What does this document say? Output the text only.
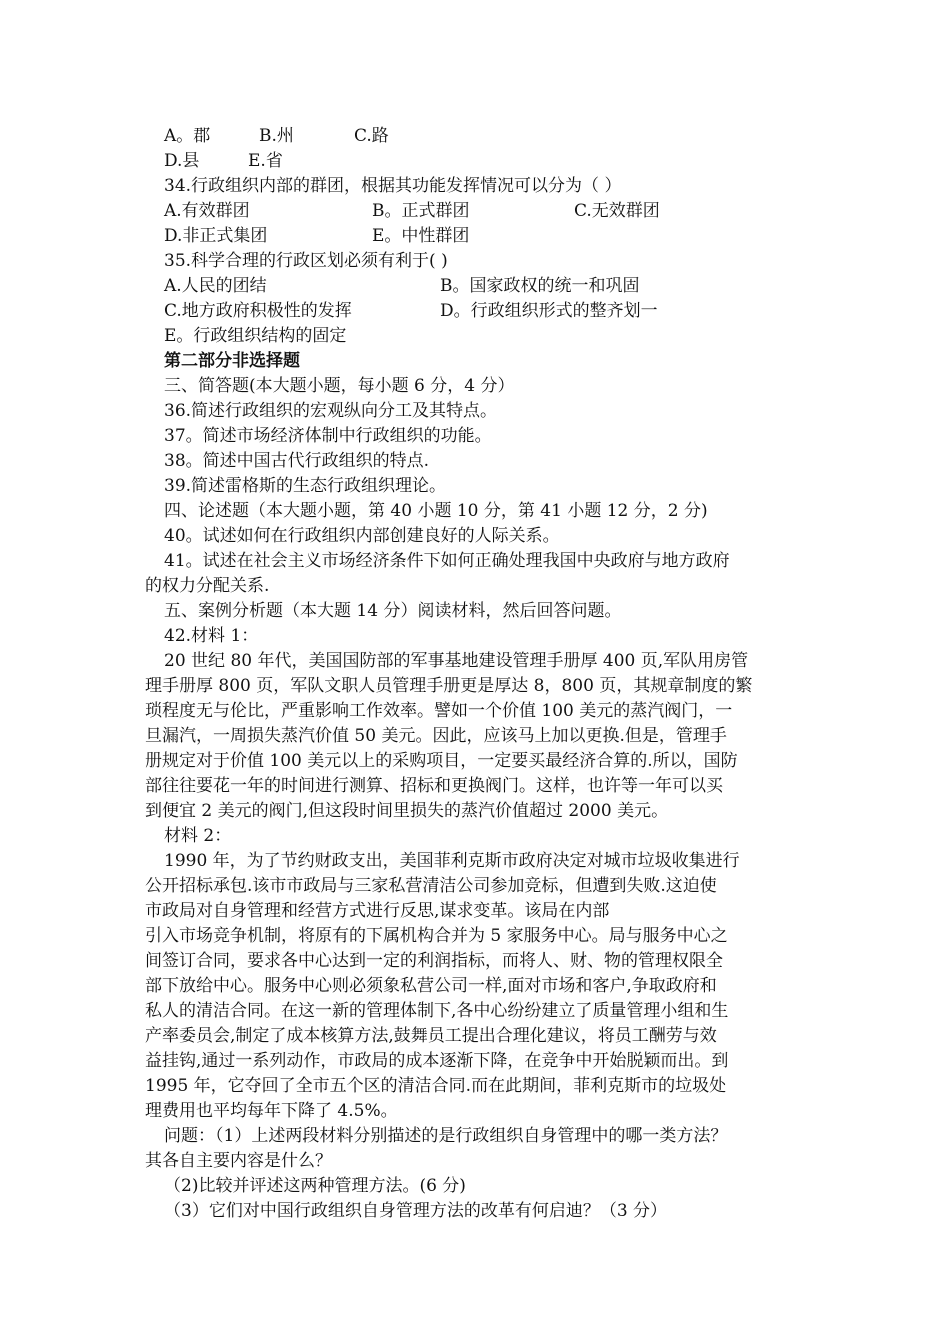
A。郡	B.州	C.路
D.县	E.省
34.行政组织内部的群团，根据其功能发挥情况可以分为（ ）
A.有效群团	B。正式群团	C.无效群团
D.非正式集团	E。中性群团
35.科学合理的行政区划必须有利于( )
A.人民的团结	B。国家政权的统一和巩固
C.地方政府积极性的发挥	D。行政组织形式的整齐划一
E。行政组织结构的固定
第二部分非选择题
三、简答题(本大题小题，每小题 6 分，4 分）
36.简述行政组织的宏观纵向分工及其特点。
37。简述市场经济体制中行政组织的功能。
38。简述中国古代行政组织的特点.
39.简述雷格斯的生态行政组织理论。
四、论述题（本大题小题，第 40 小题 10 分，第 41 小题 12 分，2 分)
40。试述如何在行政组织内部创建良好的人际关系。
41。试述在社会主义市场经济条件下如何正确处理我国中央政府与地方政府
的权力分配关系.
五、案例分析题（本大题 14 分）阅读材料，然后回答问题。
42.材料 1：
20 世纪 80 年代，美国国防部的军事基地建设管理手册厚 400 页,军队用房管
理手册厚 800 页，军队文职人员管理手册更是厚达 8，800 页，其规章制度的繁
琐程度无与伦比，严重影响工作效率。譬如一个价值 100 美元的蒸汽阀门，一
旦漏汽，一周损失蒸汽价值 50 美元。因此，应该马上加以更换.但是，管理手
册规定对于价值 100 美元以上的采购项目，一定要买最经济合算的.所以，国防
部往往要花一年的时间进行测算、招标和更换阀门。这样，也许等一年可以买
到便宜 2 美元的阀门,但这段时间里损失的蒸汽价值超过 2000 美元。
材料 2：
1990 年，为了节约财政支出，美国菲利克斯市政府决定对城市垃圾收集进行
公开招标承包.该市市政局与三家私营清洁公司参加竞标，但遭到失败.这迫使
市政局对自身管理和经营方式进行反思,谋求变革。该局在内部
引入市场竞争机制，将原有的下属机构合并为 5 家服务中心。局与服务中心之
间签订合同，要求各中心达到一定的利润指标，而将人、财、物的管理权限全
部下放给中心。服务中心则必须象私营公司一样,面对市场和客户,争取政府和
私人的清洁合同。在这一新的管理体制下,各中心纷纷建立了质量管理小组和生
产率委员会,制定了成本核算方法,鼓舞员工提出合理化建议，将员工酬劳与效
益挂钩,通过一系列动作，市政局的成本逐渐下降，在竞争中开始脱颖而出。到
1995 年，它夺回了全市五个区的清洁合同.而在此期间，菲利克斯市的垃圾处
理费用也平均每年下降了 4.5%。
问题：（1）上述两段材料分别描述的是行政组织自身管理中的哪一类方法？
其各自主要内容是什么？
（2)比较并评述这两种管理方法。(6 分)
（3）它们对中国行政组织自身管理方法的改革有何启迪？（3 分）
